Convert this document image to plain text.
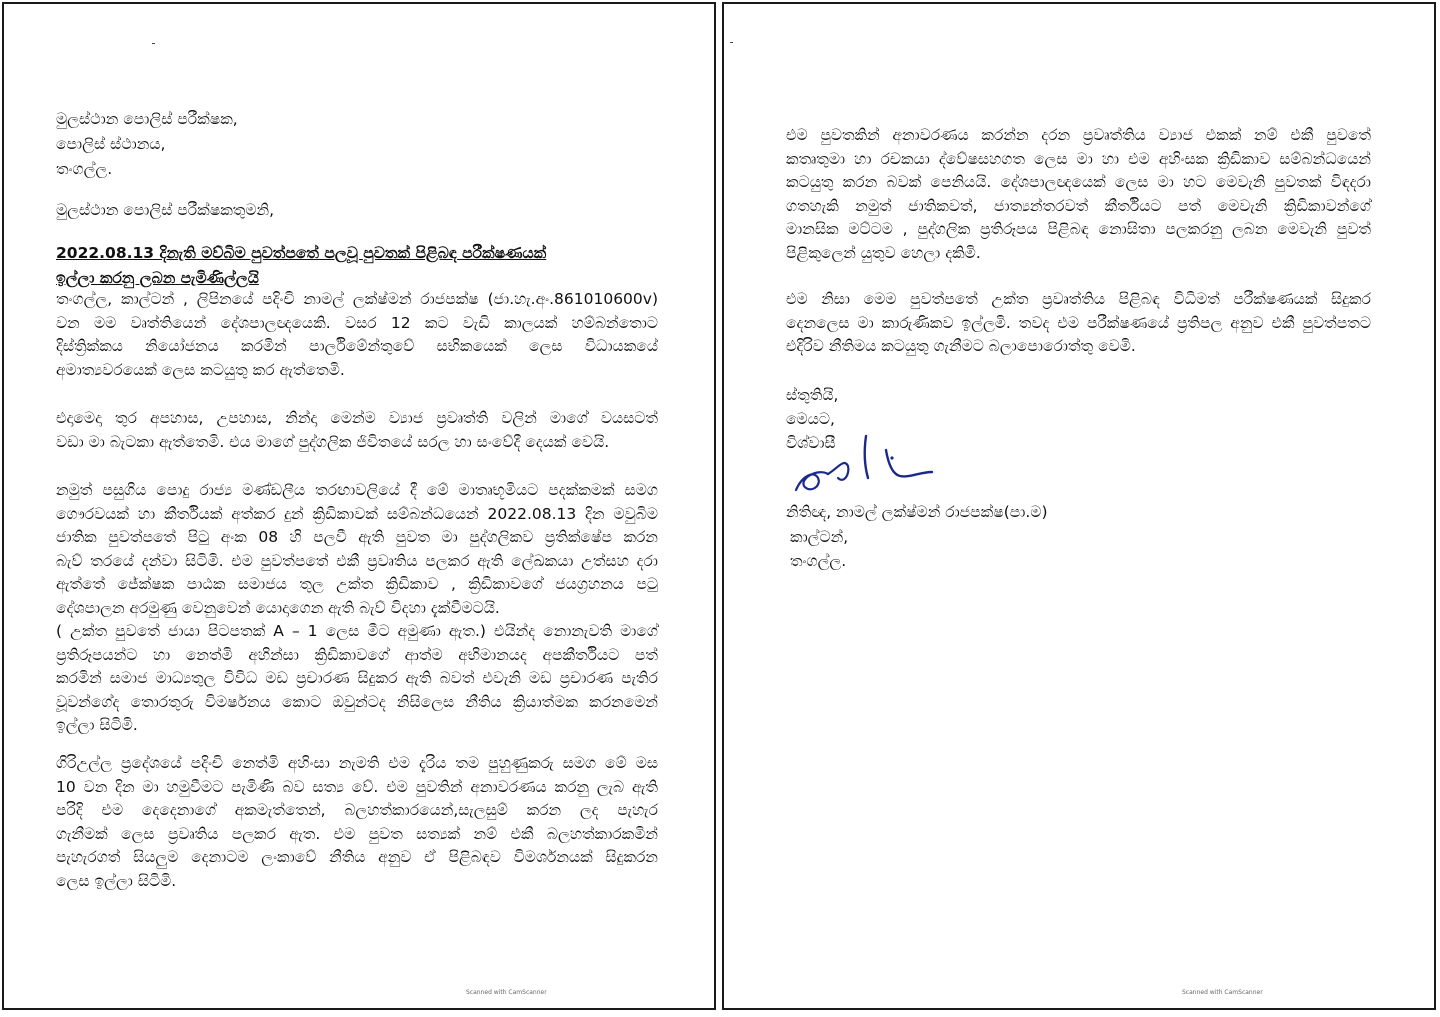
මුලස්ථාන පොලිස් පරීක්ෂක,
පොලිස් ස්ථානය,
තංගල්ල.
මුලස්ථාන පොලිස් පරීක්ෂකතුමනි,
2022.08.13 දිනැති මව්බිම පුවත්පතේ පලවූ පුවතක් පිළිබඳ පරීක්ෂණයක්
ඉල්ලා කරනු ලබන පැමිණිල්ලයි
තංගල්ල, කාල්ටන් , ලිපිනයේ පදිංචි නාමල් ලක්ෂ්මන් රාජපක්ෂ (ජා.හැ.අං.861010600v)
වන මම වෘත්තියෙන් දේශපාලඥයෙකි. වසර 12 කට වැඩි කාලයක් හම්බන්තොට
දිස්ත්‍රික්කය නියෝජනය කරමින් පාර්ලිමේන්තුවේ සභිකයෙක් ලෙස විධායකයේ
අමාත්‍යවරයෙක් ලෙස කටයුතු කර ඇත්තෙමි.
එදාමෙදා තුර අපහාස, උපහාස, නින්දා මෙන්ම ව්‍යාජ ප්‍රවෘත්ති වලින් මාගේ වයසටත්
වඩා මා බැටකා ඇත්තෙමි. එය මාගේ පුද්ගලික ජිවිතයේ සරල හා සංවේදී දෙයක් වෙයි.
නමුත් පසුගිය පොදු රාජ්‍ය මණ්ඩලීය තරඟාවලියේ දී මේ මාතෘභූමියට පදක්කමක් සමග
ගෞරවයක් හා කීර්තියක් අත්කර දුන් ක්‍රිඩිකාවක් සම්බන්ධයෙන් 2022.08.13 දින මවුබිම
ජාතික පුවත්පතේ පිටු අංක 08 හි පලවී ඇති පුවත මා පුද්ගලිකව ප්‍රතික්ෂේප කරන
බැව් තරයේ දන්වා සිටිමි. එම පුවත්පතේ එකී ප්‍රවෘතිය පලකර ඇති ලේඛකයා උත්සහ දරා
ඇත්තේ ජේක්ෂක පාඨක සමාජය තුල උක්ත ක්‍රිඩිකාව , ක්‍රිඩිකාවගේ ජයග්‍රහනය පටු
දේශපාලන අරමුණු වෙනුවෙන් යොදාගෙන ඇති බැව් විදහා දැක්වීමටයි.
( උක්ත පුවතේ ජායා පිටපතක් A – 1 ලෙස මීට අමුණා ඇත.) එයින්ද නොනැවති මාගේ
ප්‍රතිරූපයන්ට හා නෙත්මි අහින්සා ක්‍රිඩිකාවගේ ආත්ම අභිමානයද අපකීර්තියට පත්
කරමින් සමාජ මාධ්‍යතුල විවිධ මඩ ප්‍රචාරණ සිදුකර ඇති බවත් එවැනි මඩ ප්‍රචාරණ පැතිර
වූවන්ගේද තොරතුරු විමර්ෂනය කොට ඔවුන්ටද නිසිලෙස නීතිය ක්‍රියාත්මක කරනමෙන්
ඉල්ලා සිටිමි.
ගිරිඋල්ල ප්‍රදේශයේ පදිංචි නෙත්මි අහිංසා නැමති එම දැරිය තම පුහුණුකරු සමග මේ මස
10 වන දින මා හමුවීමට පැමිණි බව සත්‍ය වේ. එම පුවතින් අනාවරණය කරනු ලැබ ඇති
පරිදි එම දෙදෙනාගේ අකමැත්තෙන්, බලහත්කාරයෙන්,සැලසුම් කරන ලද පැහැර
ගැනීමක් ලෙස ප්‍රවෘතිය පලකර ඇත. එම පුවත සත්‍යක් නම් එකී බලහත්කාරකමින්
පැහැරගත් සියලුම දෙනාටම ලංකාවේ නීතිය අනුව ඒ පිළිබඳව විමර්ශනයක් සිදුකරන
ලෙස ඉල්ලා සිටිමි.
Scanned with CamScanner
එම පුවතකින් අනාවරණය කරන්න දරන ප්‍රවෘත්තිය ව්‍යාජ එකක් නම් එකී පුවතේ
කතෘතුමා හා රචකයා ද්වේෂසහගත ලෙස මා හා එම අහිංසක ක්‍රිඩිකාව සම්බන්ධයෙන්
කටයුතු කරන බවක් පෙනියයි. දේශපාලඥයෙක් ලෙස මා හට මෙවැනි පුවතක් විඳදරා
ගතහැකි නමුත් ජාතිකවත්, ජාත්‍යන්තරවත් කීර්තියට පත් මෙවැනි ක්‍රිඩිකාවන්ගේ
මානසික මට්ටම , පුද්ගලික ප්‍රතිරූපය පිළිබඳ නොසිතා පලකරනු ලබන මෙවැනි පුවත්
පිළිකුලෙන් යුතුව හෙලා දකිමි.
එම නිසා මෙම පුවත්පතේ උක්ත ප්‍රවෘත්තිය පිළිබඳ විධිමත් පරීක්ෂණයක් සිදුකර
දෙනලෙස මා කාරුණිකව ඉල්ලමි. තවද එම පරීක්ෂණයේ ප්‍රතිපල අනුව එකී පුවත්පතට
එදිරිව නීතිමය කටයුතු ගැනීමට බලාපොරොත්තු වෙමි.
ස්තුතියි,
මෙයට,
විශ්වාසී
නිතිඥ, නාමල් ලක්ෂ්මන් රාජපක්ෂ(පා.ම)
කාල්ටන්,
තංගල්ල.
Scanned with CamScanner
